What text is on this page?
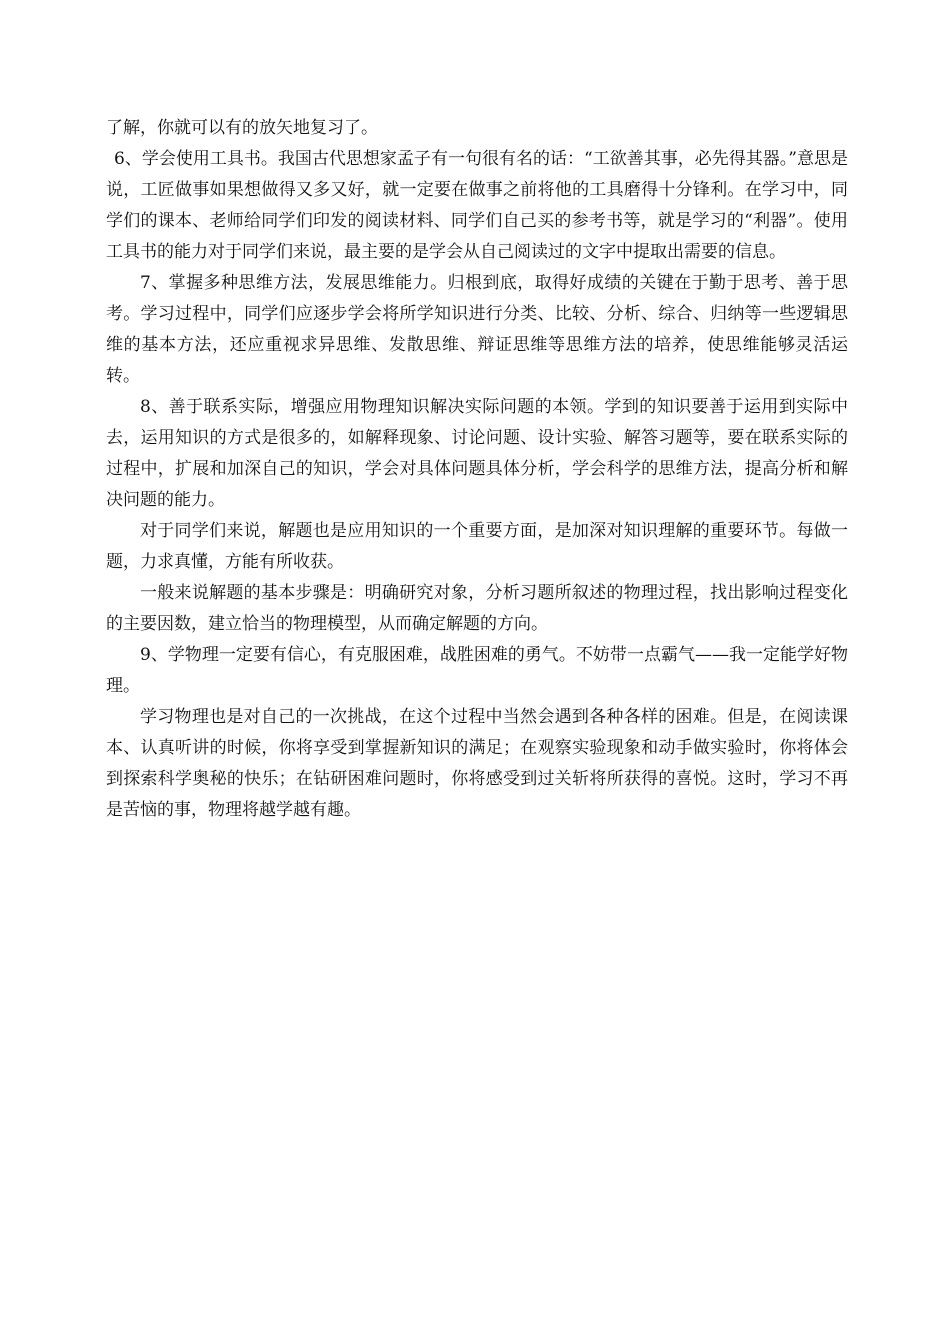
了解，你就可以有的放矢地复习了。

6、学会使用工具书。我国古代思想家孟子有一句很有名的话：“工欲善其事，必先得其器。”意思是说，工匠做事如果想做得又多又好，就一定要在做事之前将他的工具磨得十分锋利。在学习中，同学们的课本、老师给同学们印发的阅读材料、同学们自己买的参考书等，就是学习的“利器”。使用工具书的能力对于同学们来说，最主要的是学会从自己阅读过的文字中提取出需要的信息。

7、掌握多种思维方法，发展思维能力。归根到底，取得好成绩的关键在于勤于思考、善于思考。学习过程中，同学们应逐步学会将所学知识进行分类、比较、分析、综合、归纳等一些逻辑思维的基本方法，还应重视求异思维、发散思维、辩证思维等思维方法的培养，使思维能够灵活运转。

8、善于联系实际，增强应用物理知识解决实际问题的本领。学到的知识要善于运用到实际中去，运用知识的方式是很多的，如解释现象、讨论问题、设计实验、解答习题等，要在联系实际的过程中，扩展和加深自己的知识，学会对具体问题具体分析，学会科学的思维方法，提高分析和解决问题的能力。

对于同学们来说，解题也是应用知识的一个重要方面，是加深对知识理解的重要环节。每做一题，力求真懂，方能有所收获。

一般来说解题的基本步骤是：明确研究对象，分析习题所叙述的物理过程，找出影响过程变化的主要因数，建立恰当的物理模型，从而确定解题的方向。

9、学物理一定要有信心，有克服困难，战胜困难的勇气。不妨带一点霸气——我一定能学好物理。

学习物理也是对自己的一次挑战，在这个过程中当然会遇到各种各样的困难。但是，在阅读课本、认真听讲的时候，你将享受到掌握新知识的满足；在观察实验现象和动手做实验时，你将体会到探索科学奥秘的快乐；在钻研困难问题时，你将感受到过关斩将所获得的喜悦。这时，学习不再是苦恼的事，物理将越学越有趣。
